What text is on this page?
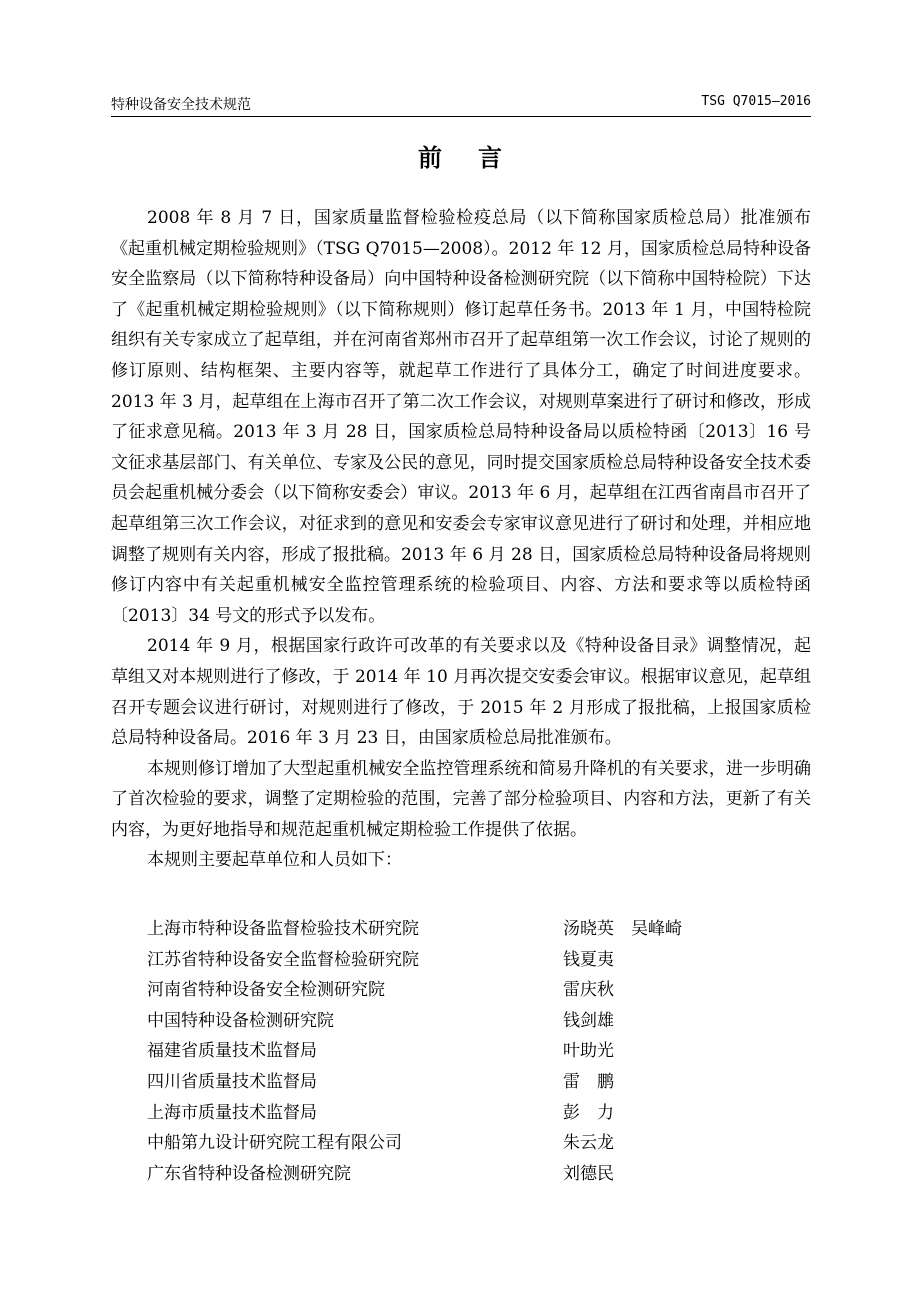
特种设备安全技术规范	TSG Q7015—2016
前言

2008 年 8 月 7 日，国家质量监督检验检疫总局（以下简称国家质检总局）批准颁布《起重机械定期检验规则》（TSG Q7015—2008）。2012 年 12 月，国家质检总局特种设备安全监察局（以下简称特种设备局）向中国特种设备检测研究院（以下简称中国特检院）下达了《起重机械定期检验规则》（以下简称规则）修订起草任务书。2013 年 1 月，中国特检院组织有关专家成立了起草组，并在河南省郑州市召开了起草组第一次工作会议，讨论了规则的修订原则、结构框架、主要内容等，就起草工作进行了具体分工，确定了时间进度要求。2013 年 3 月，起草组在上海市召开了第二次工作会议，对规则草案进行了研讨和修改，形成了征求意见稿。2013 年 3 月 28 日，国家质检总局特种设备局以质检特函〔2013〕16 号文征求基层部门、有关单位、专家及公民的意见，同时提交国家质检总局特种设备安全技术委员会起重机械分委会（以下简称安委会）审议。2013 年 6 月，起草组在江西省南昌市召开了起草组第三次工作会议，对征求到的意见和安委会专家审议意见进行了研讨和处理，并相应地调整了规则有关内容，形成了报批稿。2013 年 6 月 28 日，国家质检总局特种设备局将规则修订内容中有关起重机械安全监控管理系统的检验项目、内容、方法和要求等以质检特函〔2013〕34 号文的形式予以发布。

2014 年 9 月，根据国家行政许可改革的有关要求以及《特种设备目录》调整情况，起草组又对本规则进行了修改，于 2014 年 10 月再次提交安委会审议。根据审议意见，起草组召开专题会议进行研讨，对规则进行了修改，于 2015 年 2 月形成了报批稿，上报国家质检总局特种设备局。2016 年 3 月 23 日，由国家质检总局批准颁布。

本规则修订增加了大型起重机械安全监控管理系统和简易升降机的有关要求，进一步明确了首次检验的要求，调整了定期检验的范围，完善了部分检验项目、内容和方法，更新了有关内容，为更好地指导和规范起重机械定期检验工作提供了依据。

本规则主要起草单位和人员如下：

上海市特种设备监督检验技术研究院	汤晓英　吴峰崎
江苏省特种设备安全监督检验研究院	钱夏夷
河南省特种设备安全检测研究院	雷庆秋
中国特种设备检测研究院	钱剑雄
福建省质量技术监督局	叶助光
四川省质量技术监督局	雷　鹏
上海市质量技术监督局	彭　力
中船第九设计研究院工程有限公司	朱云龙
广东省特种设备检测研究院	刘德民
